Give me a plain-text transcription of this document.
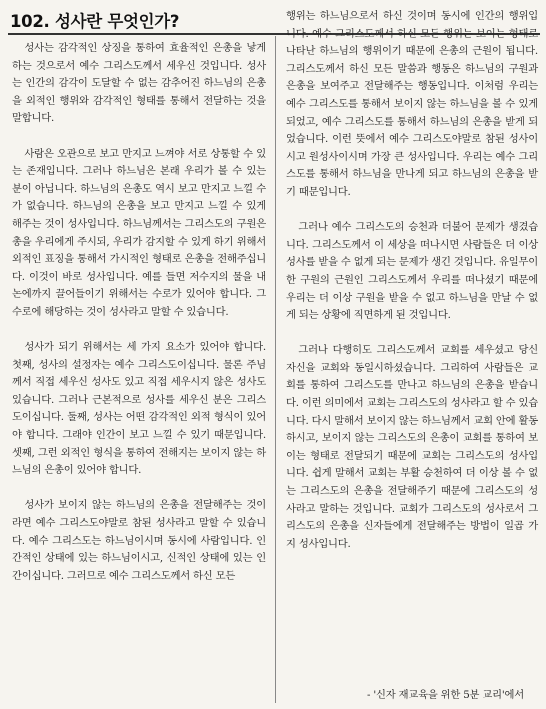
102. 성사란 무엇인가?

성사는 감각적인 상징을 통하여 효율적인 은총을 낳게 하는 것으로서 예수 그리스도께서 세우신 것입니다. 성사는 인간의 감각이 도달할 수 없는 감추어진 하느님의 은총을 외적인 행위와 감각적인 형태를 통해서 전달하는 것을 말합니다.

사람은 오관으로 보고 만지고 느껴야 서로 상통할 수 있는 존재입니다. 그러나 하느님은 본래 우리가 볼 수 있는 분이 아닙니다. 하느님의 은총도 역시 보고 만지고 느낄 수가 없습니다. 하느님의 은총을 보고 만지고 느낄 수 있게 해주는 것이 성사입니다. 하느님께서는 그리스도의 구원은총을 우리에게 주시되, 우리가 감지할 수 있게 하기 위해서 외적인 표징을 통해서 가시적인 형태로 은총을 전해주십니다. 이것이 바로 성사입니다. 예를 들면 저수지의 물을 내 논에까지 끌어들이기 위해서는 수로가 있어야 합니다. 그 수로에 해당하는 것이 성사라고 말할 수 있습니다.

성사가 되기 위해서는 세 가지 요소가 있어야 합니다. 첫째, 성사의 설정자는 예수 그리스도이십니다. 물론 주님께서 직접 세우신 성사도 있고 직접 세우시지 않은 성사도 있습니다. 그러나 근본적으로 성사를 세우신 분은 그리스도이십니다. 둘째, 성사는 어떤 감각적인 외적 형식이 있어야 합니다. 그래야 인간이 보고 느낄 수 있기 때문입니다. 셋째, 그런 외적인 형식을 통하여 전해지는 보이지 않는 하느님의 은총이 있어야 합니다.

성사가 보이지 않는 하느님의 은총을 전달해주는 것이라면 예수 그리스도야말로 참된 성사라고 말할 수 있습니다. 예수 그리스도는 하느님이시며 동시에 사람입니다. 인간적인 상태에 있는 하느님이시고, 신적인 상태에 있는 인간이십니다. 그러므로 예수 그리스도께서 하신 모든

행위는 하느님으로서 하신 것이며 동시에 인간의 행위입니다. 예수 그리스도께서 하신 모든 행위는 보이는 형태로 나타난 하느님의 행위이기 때문에 은총의 근원이 됩니다. 그리스도께서 하신 모든 말씀과 행동은 하느님의 구원과 은총을 보여주고 전달해주는 행동입니다. 이처럼 우리는 예수 그리스도를 통해서 보이지 않는 하느님을 볼 수 있게 되었고, 예수 그리스도를 통해서 하느님의 은총을 받게 되었습니다. 이런 뜻에서 예수 그리스도야말로 참된 성사이시고 원성사이시며 가장 큰 성사입니다. 우리는 예수 그리스도를 통해서 하느님을 만나게 되고 하느님의 은총을 받기 때문입니다.

그러나 예수 그리스도의 승천과 더불어 문제가 생겼습니다. 그리스도께서 이 세상을 떠나시면 사람들은 더 이상 성사를 받을 수 없게 되는 문제가 생긴 것입니다. 유일무이한 구원의 근원인 그리스도께서 우리를 떠나셨기 때문에 우리는 더 이상 구원을 받을 수 없고 하느님을 만날 수 없게 되는 상황에 직면하게 된 것입니다.

그러나 다행히도 그리스도께서 교회를 세우셨고 당신 자신을 교회와 동일시하셨습니다. 그리하여 사람들은 교회를 통하여 그리스도를 만나고 하느님의 은총을 받습니다. 이런 의미에서 교회는 그리스도의 성사라고 할 수 있습니다. 다시 말해서 보이지 않는 하느님께서 교회 안에 활동하시고, 보이지 않는 그리스도의 은총이 교회를 통하여 보이는 형태로 전달되기 때문에 교회는 그리스도의 성사입니다. 쉽게 말해서 교회는 부활 승천하여 더 이상 볼 수 없는 그리스도의 은총을 전달해주기 때문에 그리스도의 성사라고 말하는 것입니다. 교회가 그리스도의 성사로서 그리스도의 은총을 신자들에게 전달해주는 방법이 일곱 가지 성사입니다.

- '신자 재교육을 위한 5분 교리'에서
